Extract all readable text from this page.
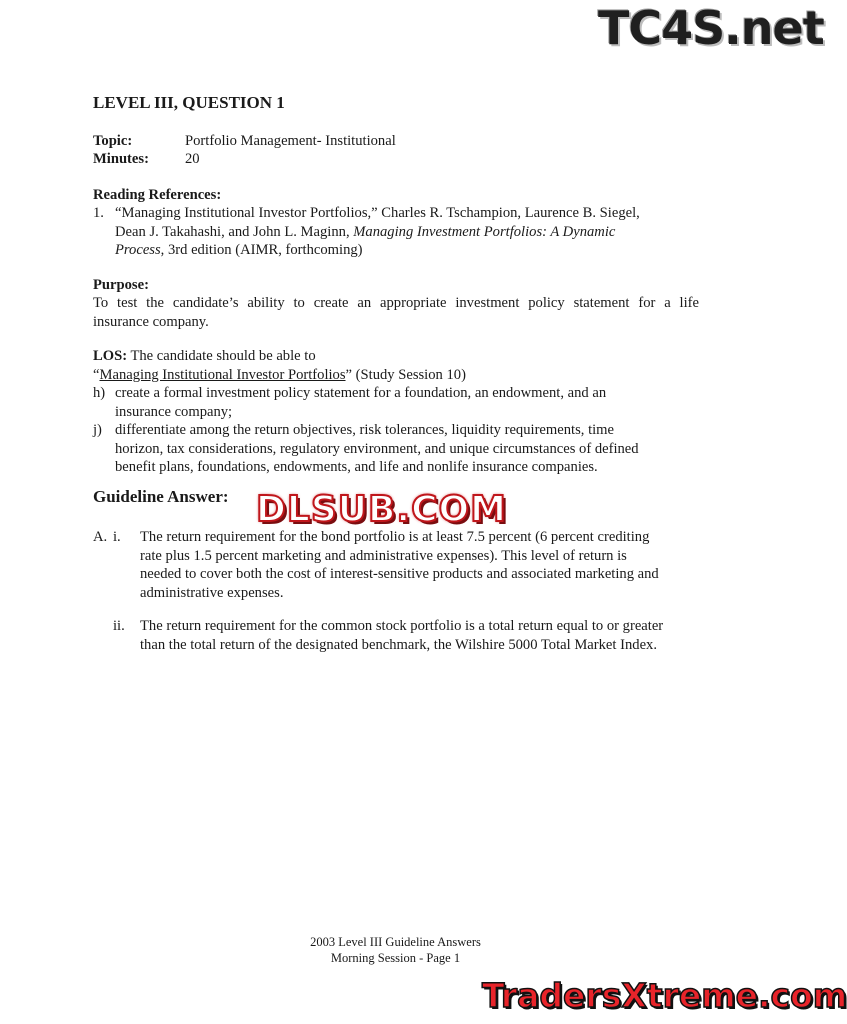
TC4S.net
LEVEL III, QUESTION 1
Topic:	Portfolio Management- Institutional
Minutes: 20
Reading References:
1. “Managing Institutional Investor Portfolios,” Charles R. Tschampion, Laurence B. Siegel,
Dean J. Takahashi, and John L. Maginn, Managing Investment Portfolios: A Dynamic
Process, 3rd edition (AIMR, forthcoming)
Purpose:
To test the candidate’s ability to create an appropriate investment policy statement for a life
insurance company.
LOS: The candidate should be able to
“Managing Institutional Investor Portfolios” (Study Session 10)
h) create a formal investment policy statement for a foundation, an endowment, and an
insurance company;
j) differentiate among the return objectives, risk tolerances, liquidity requirements, time
horizon, tax considerations, regulatory environment, and unique circumstances of defined
benefit plans, foundations, endowments, and life and nonlife insurance companies.
Guideline Answer: DLSUB.COM
A. i. The return requirement for the bond portfolio is at least 7.5 percent (6 percent crediting
rate plus 1.5 percent marketing and administrative expenses). This level of return is
needed to cover both the cost of interest-sensitive products and associated marketing and
administrative expenses.
ii. The return requirement for the common stock portfolio is a total return equal to or greater
than the total return of the designated benchmark, the Wilshire 5000 Total Market Index.
2003 Level III Guideline Answers
Morning Session - Page 1
TradersXtreme.com
